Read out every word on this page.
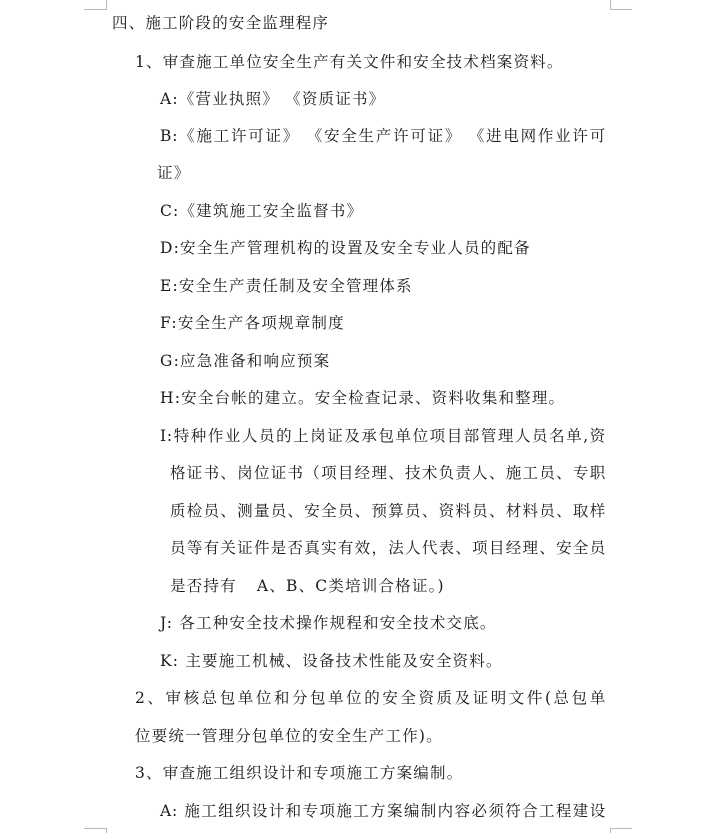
四、施工阶段的安全监理程序

1、审查施工单位安全生产有关文件和安全技术档案资料。

A:《营业执照》 《资质证书》

B:《施工许可证》 《安全生产许可证》 《进电网作业许可

证》

C:《建筑施工安全监督书》

D:安全生产管理机构的设置及安全专业人员的配备

E:安全生产责任制及安全管理体系

F:安全生产各项规章制度

G:应急准备和响应预案

H:安全台帐的建立。安全检查记录、资料收集和整理。

I:特种作业人员的上岗证及承包单位项目部管理人员名单,资

格证书、岗位证书（项目经理、技术负责人、施工员、专职

质检员、测量员、安全员、预算员、资料员、材料员、取样

员等有关证件是否真实有效，法人代表、项目经理、安全员

是否持有 A、B、C类培训合格证。)

J: 各工种安全技术操作规程和安全技术交底。

K: 主要施工机械、设备技术性能及安全资料。

2、审核总包单位和分包单位的安全资质及证明文件(总包单

位要统一管理分包单位的安全生产工作)。

3、审查施工组织设计和专项施工方案编制。

A: 施工组织设计和专项施工方案编制内容必须符合工程建设
